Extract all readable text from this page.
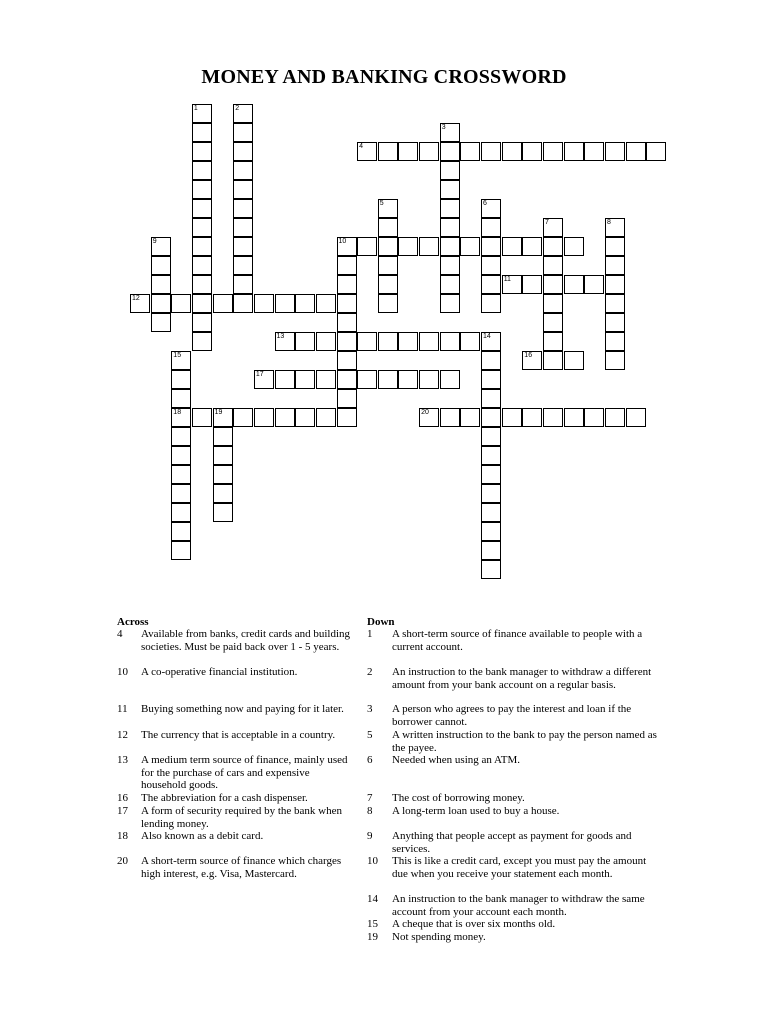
MONEY AND BANKING CROSSWORD
1	2
3
4
5	6
7	8
9	10
11
12
13	14
15
18
16
17
19	20
Across
4 Available from banks, credit cards and building societies. Must be paid back over 1 - 5 years.
10 A co-operative financial institution.
11 Buying something now and paying for it later.
12 The currency that is acceptable in a country.
13 A medium term source of finance, mainly used for the purchase of cars and expensive household goods.
16 The abbreviation for a cash dispenser.
17 A form of security required by the bank when lending money.
18 Also known as a debit card.
20 A short-term source of finance which charges high interest, e.g. Visa, Mastercard.
Down
1 A short-term source of finance available to people with a current account.
2 An instruction to the bank manager to withdraw a different amount from your bank account on a regular basis.
3 A person who agrees to pay the interest and loan if the borrower cannot.
5 A written instruction to the bank to pay the person named as the payee.
6 Needed when using an ATM.
7 The cost of borrowing money.
8 A long-term loan used to buy a house.
9 Anything that people accept as payment for goods and services.
10 This is like a credit card, except you must pay the amount due when you receive your statement each month.
14 An instruction to the bank manager to withdraw the same account from your account each month.
15 A cheque that is over six months old.
19 Not spending money.
